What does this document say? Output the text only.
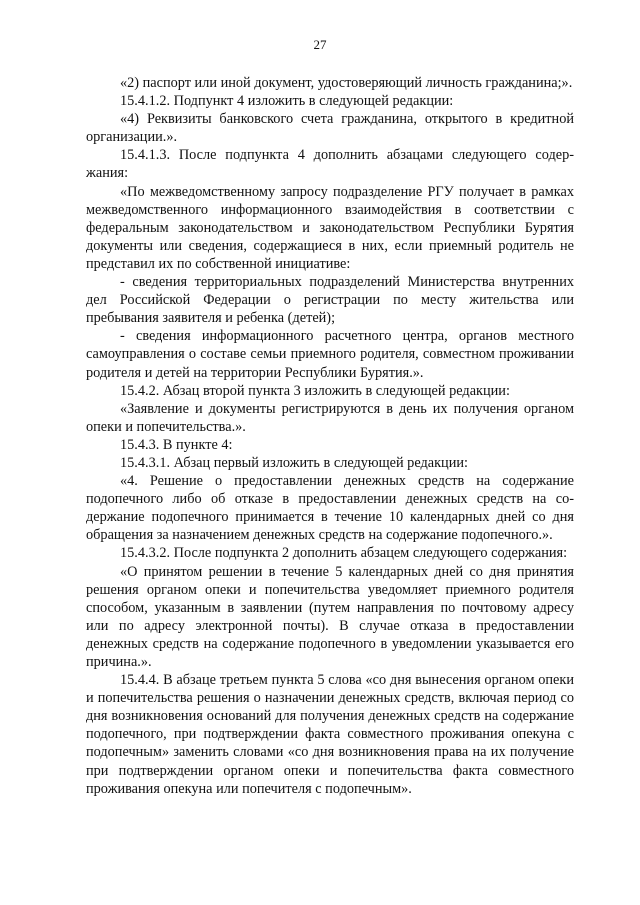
27

«2) паспорт или иной документ, удостоверяющий личность гражданина;».

15.4.1.2. Подпункт 4 изложить в следующей редакции:

«4) Реквизиты банковского счета гражданина, открытого в кредитной организации.».

15.4.1.3. После подпункта 4 дополнить абзацами следующего содержания:

«По межведомственному запросу подразделение РГУ получает в рамках межведомственного информационного взаимодействия в соответствии с федеральным законодательством и законодательством Республики Бурятия документы или сведения, содержащиеся в них, если приемный родитель не представил их по собственной инициативе:

- сведения территориальных подразделений Министерства внутренних дел Российской Федерации о регистрации по месту жительства или пребывания заявителя и ребенка (детей);

- сведения информационного расчетного центра, органов местного самоуправления о составе семьи приемного родителя, совместном проживании родителя и детей на территории Республики Бурятия.».

15.4.2. Абзац второй пункта 3 изложить в следующей редакции:

«Заявление и документы регистрируются в день их получения органом опеки и попечительства.».

15.4.3. В пункте 4:

15.4.3.1. Абзац первый изложить в следующей редакции:

«4. Решение о предоставлении денежных средств на содержание подопечного либо об отказе в предоставлении денежных средств на содержание подопечного принимается в течение 10 календарных дней со дня обращения за назначением денежных средств на содержание подопечного.».

15.4.3.2. После подпункта 2 дополнить абзацем следующего содержания:

«О принятом решении в течение 5 календарных дней со дня принятия решения органом опеки и попечительства уведомляет приемного родителя способом, указанным в заявлении (путем направления по почтовому адресу или по адресу электронной почты). В случае отказа в предоставлении денежных средств на содержание подопечного в уведомлении указывается его причина.».

15.4.4. В абзаце третьем пункта 5 слова «со дня вынесения органом опеки и попечительства решения о назначении денежных средств, включая период со дня возникновения оснований для получения денежных средств на содержание подопечного, при подтверждении факта совместного проживания опекуна с подопечным» заменить словами «со дня возникновения права на их получение при подтверждении органом опеки и попечительства факта совместного проживания опекуна или попечителя с подопечным».
